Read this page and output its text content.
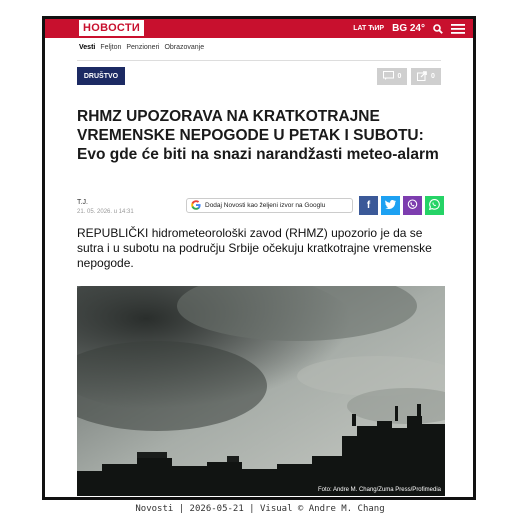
НОВОСТИ	LAT ЋИР BG 24°
Vesti Feljton Penzioneri Obrazovanje
DRUŠTVO	0	0
RHMZ UPOZORAVA NA KRATKOTRAJNE VREMENSKE NEPOGODE U PETAK I SUBOTU: Evo gde će biti na snazi narandžasti meteo-alarm
T.J.
21. 05. 2026. u 14:31
Dodaj Novosti kao željeni izvor na Googlu	f

REPUBLIČKI hidrometeorološki zavod (RHMZ) upozorio je da se sutra i u subotu na području Srbije očekuju kratkotrajne vremenske nepogode.

Foto: Andre M. Chang/Zuma Press/Profimedia
Novosti | 2026-05-21 | Visual © Andre M. Chang
